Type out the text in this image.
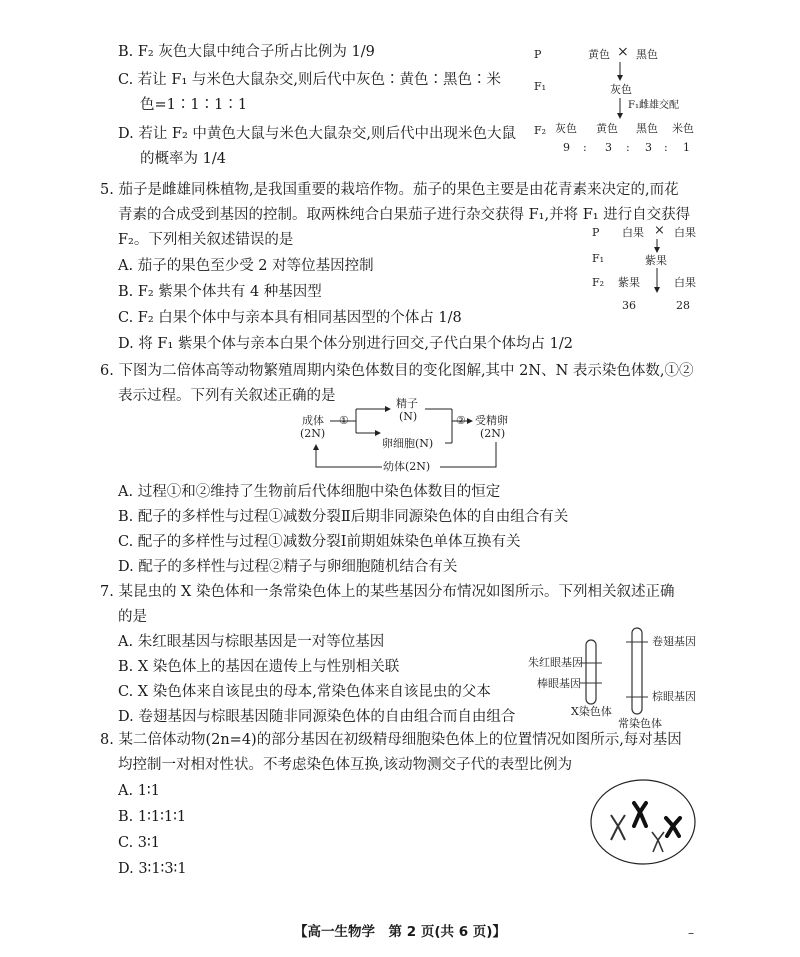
B. F₂ 灰色大鼠中纯合子所占比例为 1/9
C. 若让 F₁ 与米色大鼠杂交,则后代中灰色∶黄色∶黑色∶米
色=1∶1∶1∶1
D. 若让 F₂ 中黄色大鼠与米色大鼠杂交,则后代中出现米色大鼠
的概率为 1/4
P	黄色 × 黑色
F₁	灰色
F₁雌雄交配
F₂ 灰色 黄色 黑色 米色
9 : 3 : 3 : 1
5. 茄子是雌雄同株植物,是我国重要的栽培作物。茄子的果色主要是由花青素来决定的,而花
青素的合成受到基因的控制。取两株纯合白果茄子进行杂交获得 F₁,并将 F₁ 进行自交获得
F₂。下列相关叙述错误的是
A. 茄子的果色至少受 2 对等位基因控制
B. F₂ 紫果个体共有 4 种基因型
C. F₂ 白果个体中与亲本具有相同基因型的个体占 1/8
D. 将 F₁ 紫果个体与亲本白果个体分别进行回交,子代白果个体均占 1/2
P 白果 × 白果
F₁	紫果
F₂ 紫果	白果
36	28
6. 下图为二倍体高等动物繁殖周期内染色体数目的变化图解,其中 2N、N 表示染色体数,①②
表示过程。下列有关叙述正确的是
成体
(2N)
①
精子
(N)
卵细胞(N)
② 受精卵
(2N)
幼体(2N)
A. 过程①和②维持了生物前后代体细胞中染色体数目的恒定
B. 配子的多样性与过程①减数分裂Ⅱ后期非同源染色体的自由组合有关
C. 配子的多样性与过程①减数分裂Ⅰ前期姐妹染色单体互换有关
D. 配子的多样性与过程②精子与卵细胞随机结合有关
7. 某昆虫的 X 染色体和一条常染色体上的某些基因分布情况如图所示。下列相关叙述正确
的是
A. 朱红眼基因与棕眼基因是一对等位基因
B. X 染色体上的基因在遗传上与性别相关联
C. X 染色体来自该昆虫的母本,常染色体来自该昆虫的父本
D. 卷翅基因与棕眼基因随非同源染色体的自由组合而自由组合
朱红眼基因
棒眼基因
X染色体
卷翅基因
棕眼基因
常染色体
8. 某二倍体动物(2n=4)的部分基因在初级精母细胞染色体上的位置情况如图所示,每对基因
均控制一对相对性状。不考虑染色体互换,该动物测交子代的表型比例为
A. 1∶1
B. 1∶1∶1∶1
C. 3∶1
D. 3∶1∶3∶1
【高一生物学　第 2 页(共 6 页)】	–
